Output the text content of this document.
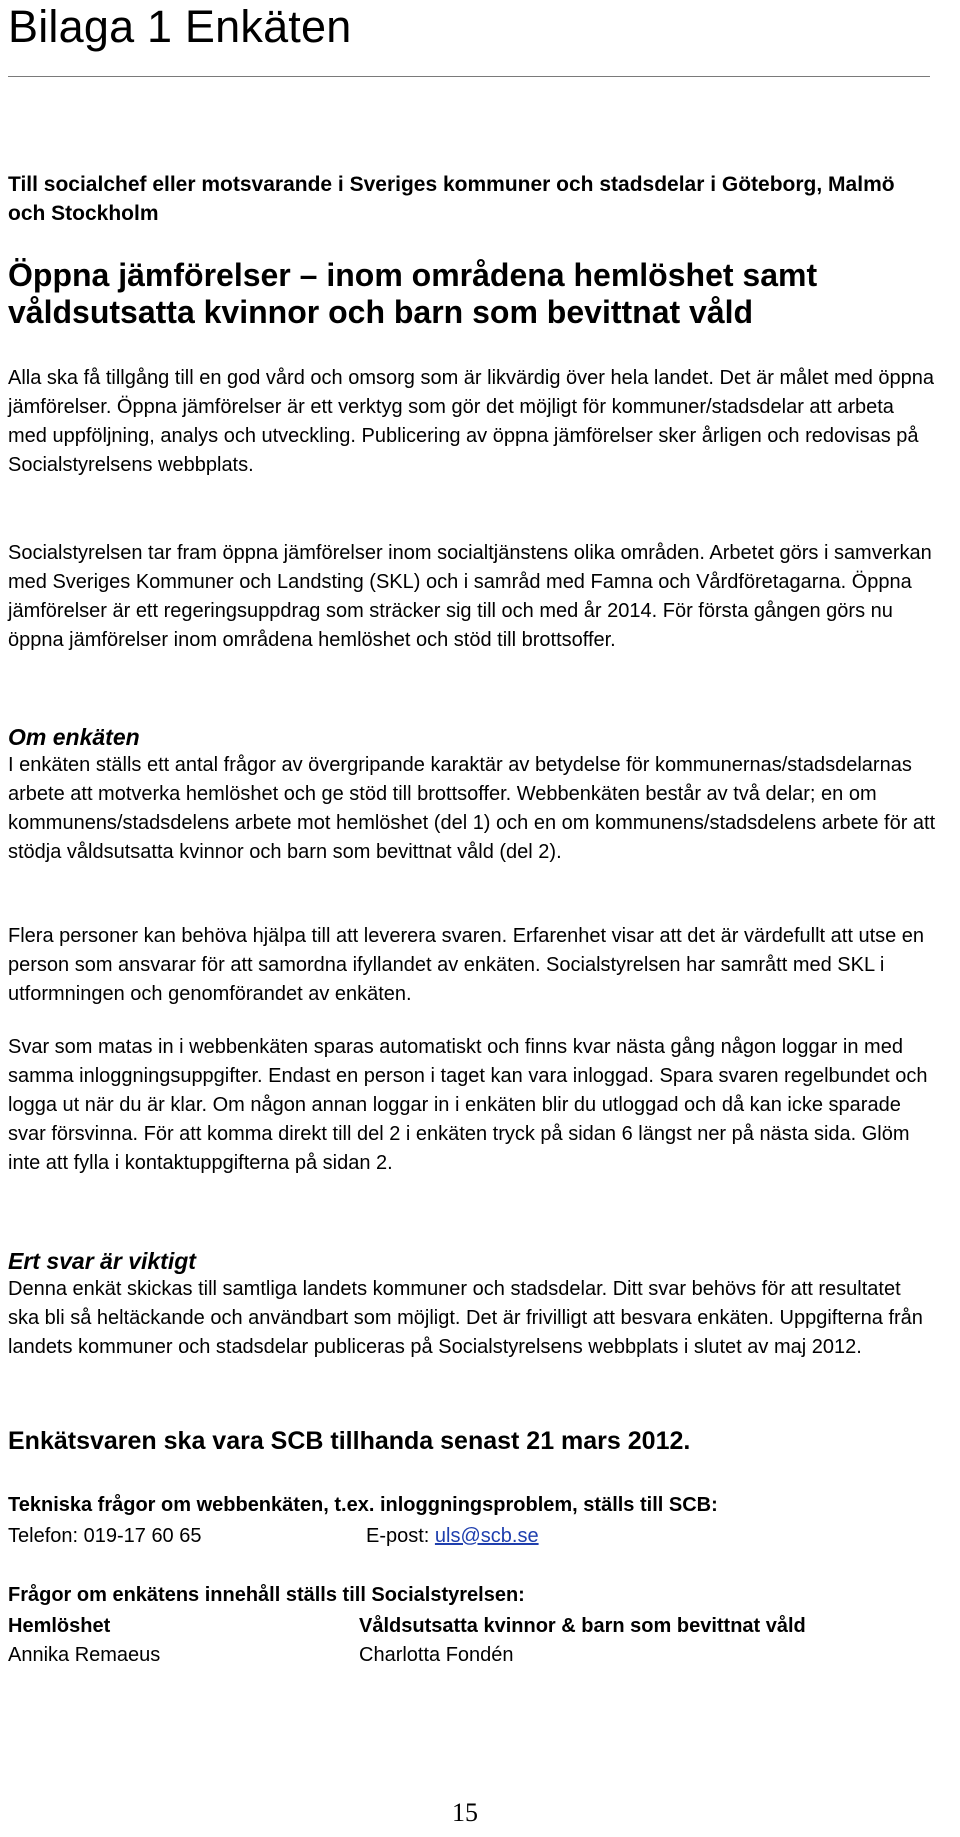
Bilaga 1 Enkäten
Till socialchef eller motsvarande i Sveriges kommuner och stadsdelar i Göteborg, Malmö och Stockholm
Öppna jämförelser – inom områdena hemlöshet samt våldsutsatta kvinnor och barn som bevittnat våld
Alla ska få tillgång till en god vård och omsorg som är likvärdig över hela landet. Det är målet med öppna jämförelser. Öppna jämförelser är ett verktyg som gör det möjligt för kommuner/stadsdelar att arbeta med uppföljning, analys och utveckling. Publicering av öppna jämförelser sker årligen och redovisas på Socialstyrelsens webbplats.
Socialstyrelsen tar fram öppna jämförelser inom socialtjänstens olika områden. Arbetet görs i samverkan med Sveriges Kommuner och Landsting (SKL) och i samråd med Famna och Vårdföretagarna. Öppna jämförelser är ett regeringsuppdrag som sträcker sig till och med år 2014. För första gången görs nu öppna jämförelser inom områdena hemlöshet och stöd till brottsoffer.
Om enkäten
I enkäten ställs ett antal frågor av övergripande karaktär av betydelse för kommunernas/stadsdelarnas arbete att motverka hemlöshet och ge stöd till brottsoffer. Webbenkäten består av två delar; en om kommunens/stadsdelens arbete mot hemlöshet (del 1) och en om kommunens/stadsdelens arbete för att stödja våldsutsatta kvinnor och barn som bevittnat våld (del 2).
Flera personer kan behöva hjälpa till att leverera svaren. Erfarenhet visar att det är värdefullt att utse en person som ansvarar för att samordna ifyllandet av enkäten. Socialstyrelsen har samrått med SKL i utformningen och genomförandet av enkäten.
Svar som matas in i webbenkäten sparas automatiskt och finns kvar nästa gång någon loggar in med samma inloggningsuppgifter. Endast en person i taget kan vara inloggad. Spara svaren regelbundet och logga ut när du är klar. Om någon annan loggar in i enkäten blir du utloggad och då kan icke sparade svar försvinna. För att komma direkt till del 2 i enkäten tryck på sidan 6 längst ner på nästa sida. Glöm inte att fylla i kontaktuppgifterna på sidan 2.
Ert svar är viktigt
Denna enkät skickas till samtliga landets kommuner och stadsdelar. Ditt svar behövs för att resultatet ska bli så heltäckande och användbart som möjligt. Det är frivilligt att besvara enkäten. Uppgifterna från landets kommuner och stadsdelar publiceras på Socialstyrelsens webbplats i slutet av maj 2012.
Enkätsvaren ska vara SCB tillhanda senast 21 mars 2012.
Tekniska frågor om webbenkäten, t.ex. inloggningsproblem, ställs till SCB:
Telefon: 019-17 60 65	E-post: uls@scb.se
Frågor om enkätens innehåll ställs till Socialstyrelsen:
Hemlöshet	Våldsutsatta kvinnor & barn som bevittnat våld
Annika Remaeus	Charlotta Fondén
15
